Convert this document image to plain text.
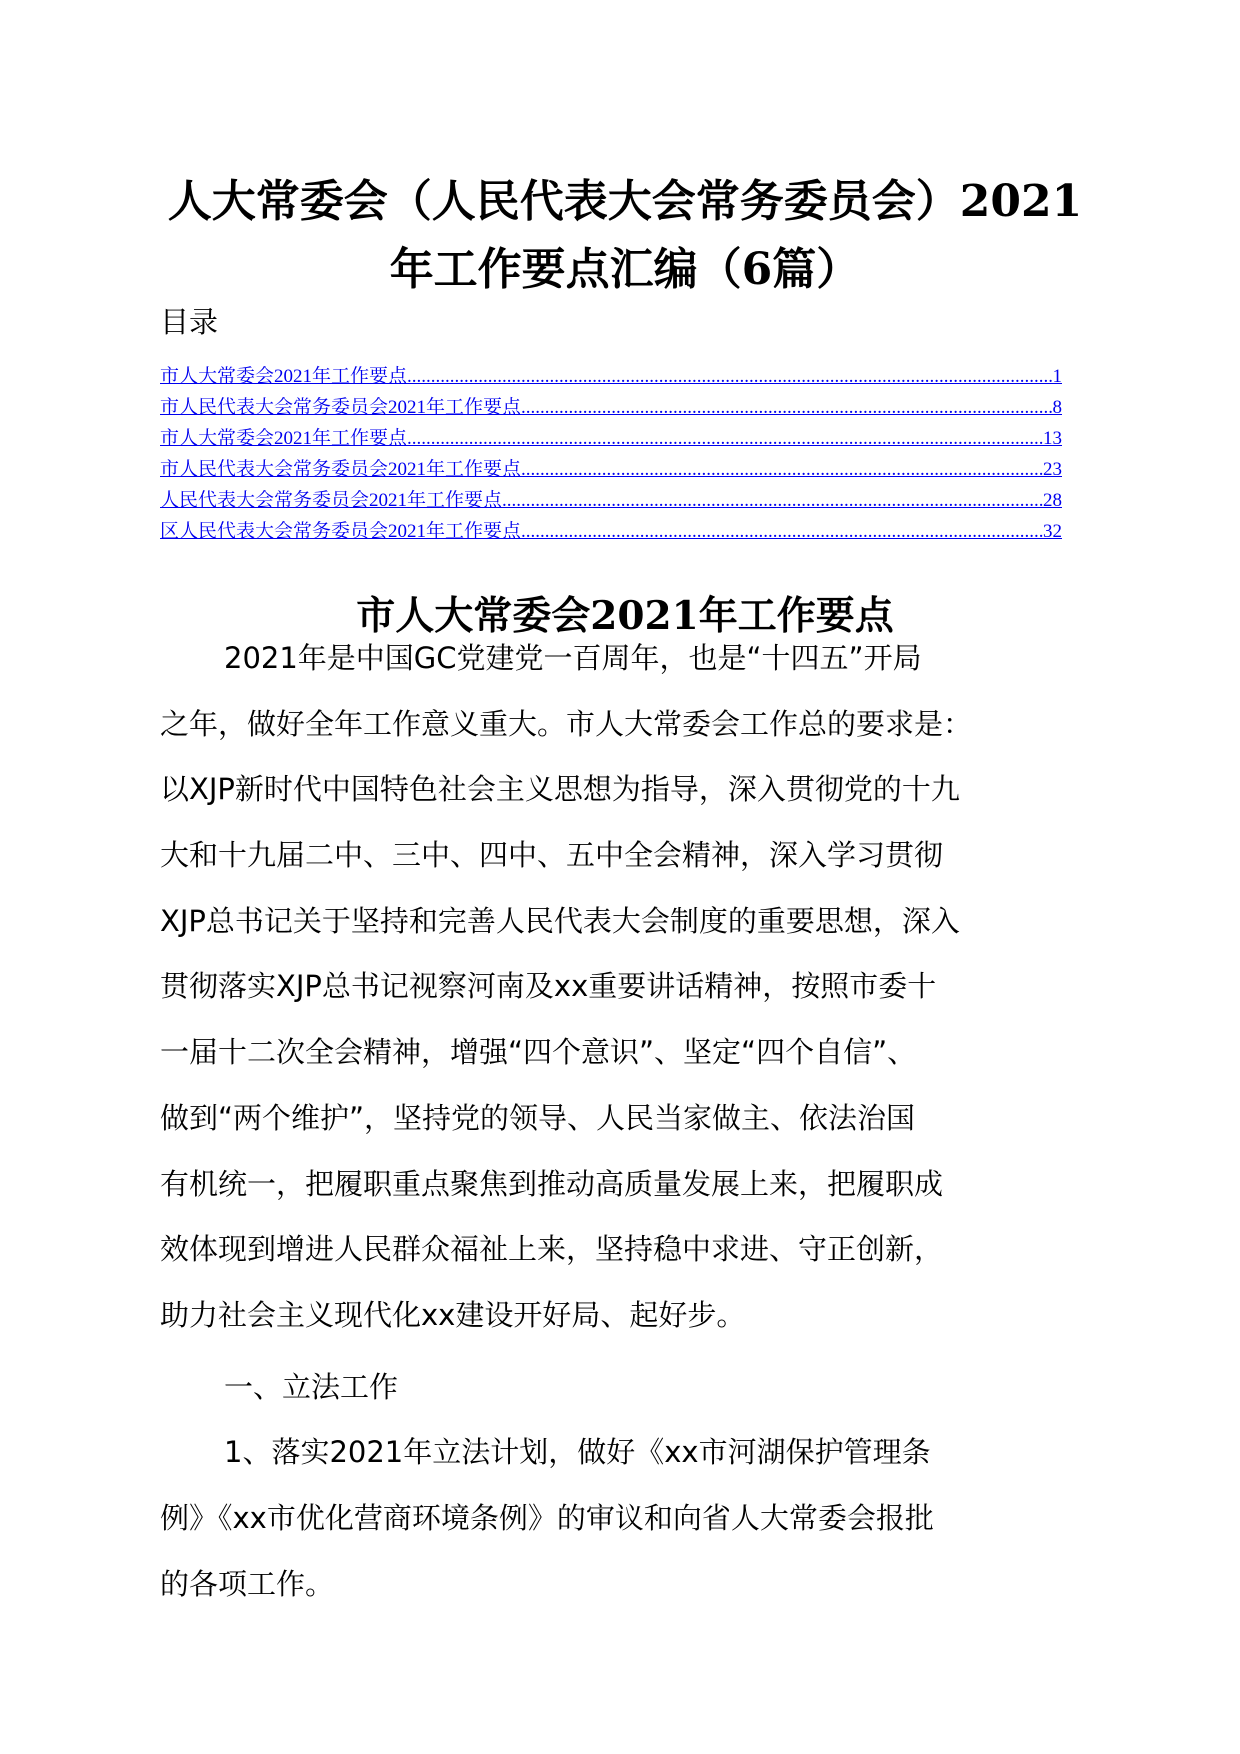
人大常委会（人民代表大会常务委员会）2021
年工作要点汇编（6篇）
目录
市人大常委会2021年工作要点 .....	1
市人民代表大会常务委员会2021年工作要点 .....	8
市人大常委会2021年工作要点 .....	13
市人民代表大会常务委员会2021年工作要点 .....	23
人民代表大会常务委员会2021年工作要点 .....	28
区人民代表大会常务委员会2021年工作要点 .....	32
市人大常委会2021年工作要点
2021年是中国GC党建党一百周年，也是“十四五”开局
之年，做好全年工作意义重大。市人大常委会工作总的要求是：
以XJP新时代中国特色社会主义思想为指导，深入贯彻党的十九
大和十九届二中、三中、四中、五中全会精神，深入学习贯彻
XJP总书记关于坚持和完善人民代表大会制度的重要思想，深入
贯彻落实XJP总书记视察河南及xx重要讲话精神，按照市委十
一届十二次全会精神，增强“四个意识”、坚定“四个自信”、
做到“两个维护”，坚持党的领导、人民当家做主、依法治国
有机统一，把履职重点聚焦到推动高质量发展上来，把履职成
效体现到增进人民群众福祉上来，坚持稳中求进、守正创新，
助力社会主义现代化xx建设开好局、起好步。
一、立法工作
1、落实2021年立法计划，做好《xx市河湖保护管理条
例》《xx市优化营商环境条例》的审议和向省人大常委会报批
的各项工作。
